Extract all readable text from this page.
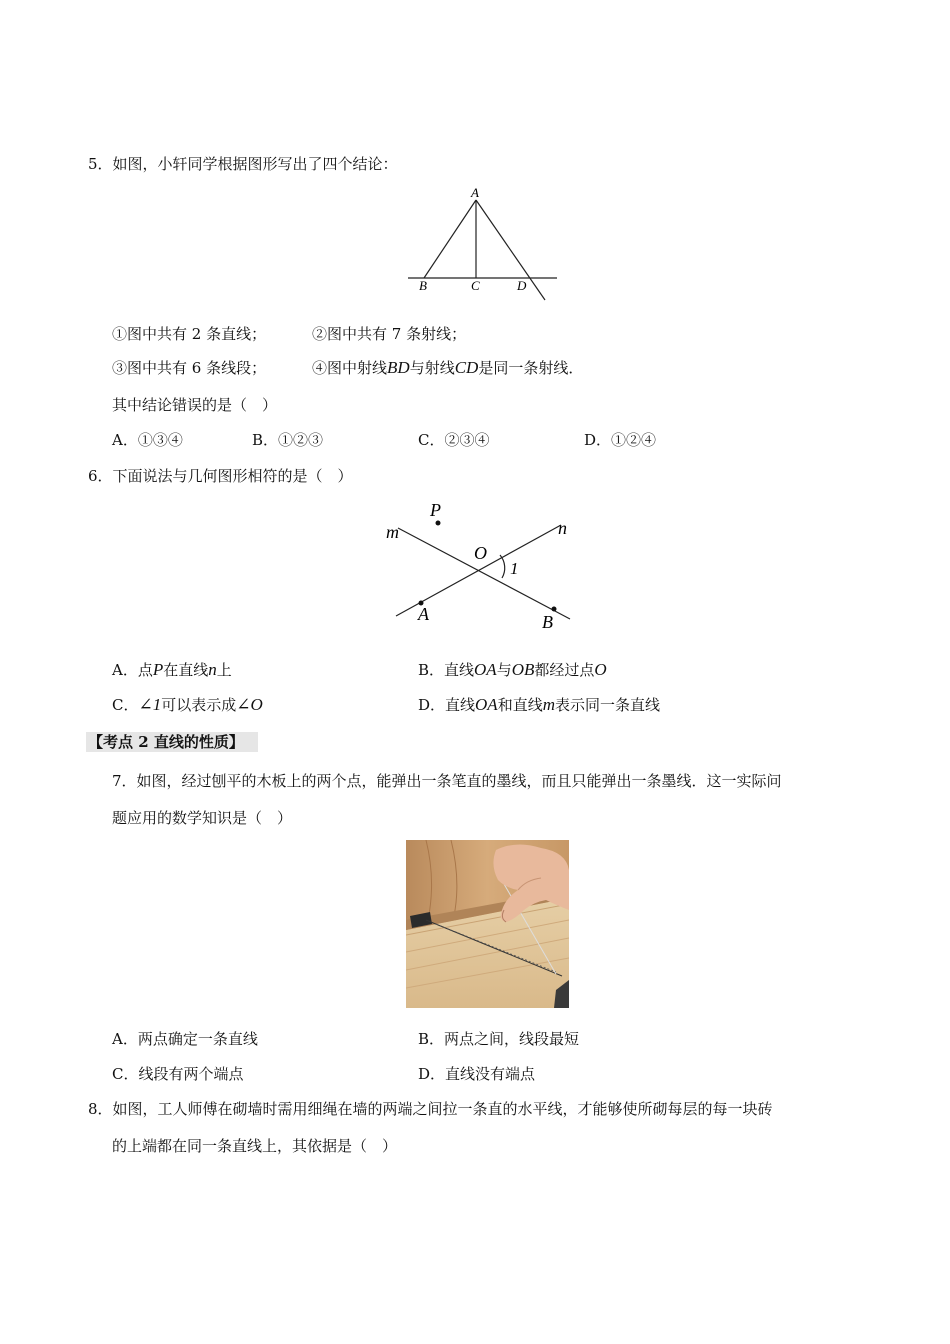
5．如图，小轩同学根据图形写出了四个结论：
A
B	C	D
①图中共有 2 条直线；	②图中共有 7 条射线；
③图中共有 6 条线段；	④图中射线BD与射线CD是同一条射线．
其中结论错误的是（　）
A．①③④	B．①②③	C．②③④	D．①②④
6．下面说法与几何图形相符的是（　）
P
m	n
O
1
A	B
A．点P在直线n上	B．直线OA与OB都经过点O
C．∠1可以表示成∠O	D．直线OA和直线m表示同一条直线
【考点 2 直线的性质】
7．如图，经过刨平的木板上的两个点，能弹出一条笔直的墨线，而且只能弹出一条墨线．这一实际问
题应用的数学知识是（　）
A．两点确定一条直线	B．两点之间，线段最短
C．线段有两个端点	D．直线没有端点
8．如图，工人师傅在砌墙时需用细绳在墙的两端之间拉一条直的水平线，才能够使所砌每层的每一块砖
的上端都在同一条直线上，其依据是（　）
